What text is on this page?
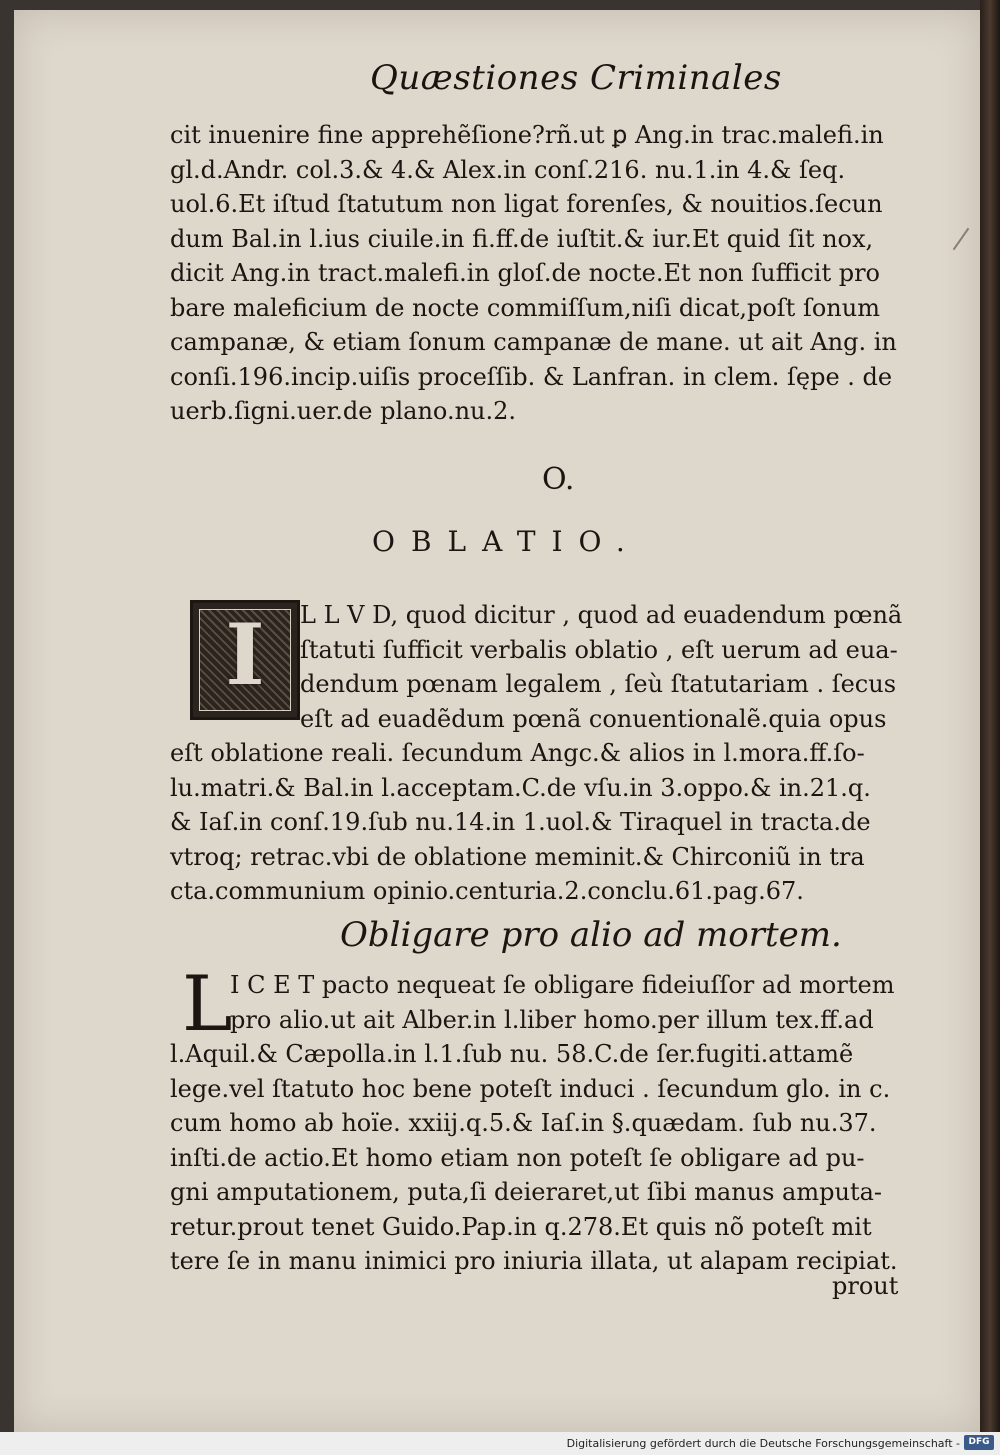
Quæstiones Criminales
cit inuenire fine apprehẽſione?rñ.ut ꝑ Ang.in trac.malefi.in
gl.d.Andr. col.3.& 4.& Alex.in conſ.216. nu.1.in 4.& ſeq.
uol.6.Et iſtud ſtatutum non ligat forenſes, & nouitios.ſecun
dum Bal.in l.ius ciuile.in fi.ff.de iuſtit.& iur.Et quid ſit nox,
dicit Ang.in tract.malefi.in gloſ.de nocte.Et non ſufficit pro
bare maleficium de nocte commiſſum,niſi dicat,poſt ſonum
campanæ, & etiam ſonum campanæ de mane. ut ait Ang. in
conſi.196.incip.uiſis proceſſib. & Lanfran. in clem. ſępe . de
uerb.ſigni.uer.de plano.nu.2.
O.
OBLATIO.
I	L L V D, quod dicitur , quod ad euadendum pœnã
ſtatuti ſufficit verbalis oblatio , eſt uerum ad eua-
dendum pœnam legalem , ſeù ſtatutariam . ſecus
eſt ad euadẽdum pœnã conuentionalẽ.quia opus
eſt oblatione reali. ſecundum Angc.& alios in l.mora.ff.ſo-
lu.matri.& Bal.in l.acceptam.C.de vſu.in 3.oppo.& in.21.q.
& Iaſ.in conſ.19.ſub nu.14.in 1.uol.& Tiraquel in tracta.de
vtroq; retrac.vbi de oblatione meminit.& Chirconiũ in tra
cta.communium opinio.centuria.2.conclu.61.pag.67.
Obligare pro alio ad mortem.
L
I C E T pacto nequeat ſe obligare fideiuſſor ad mortem
pro alio.ut ait Alber.in l.liber homo.per illum tex.ff.ad
l.Aquil.& Cæpolla.in l.1.ſub nu. 58.C.de ſer.fugiti.attamẽ
lege.vel ſtatuto hoc bene poteſt induci . ſecundum glo. in c.
cum homo ab hoïe. xxiij.q.5.& Iaſ.in §.quædam. ſub nu.37.
inſti.de actio.Et homo etiam non poteſt ſe obligare ad pu-
gni amputationem, puta,ſi deieraret,ut ſibi manus amputa-
retur.prout tenet Guido.Pap.in q.278.Et quis nõ poteſt mit
tere ſe in manu inimici pro iniuria illata, ut alapam recipiat.
prout
Digitalisierung gefördert durch die Deutsche Forschungsgemeinschaft - DFG
